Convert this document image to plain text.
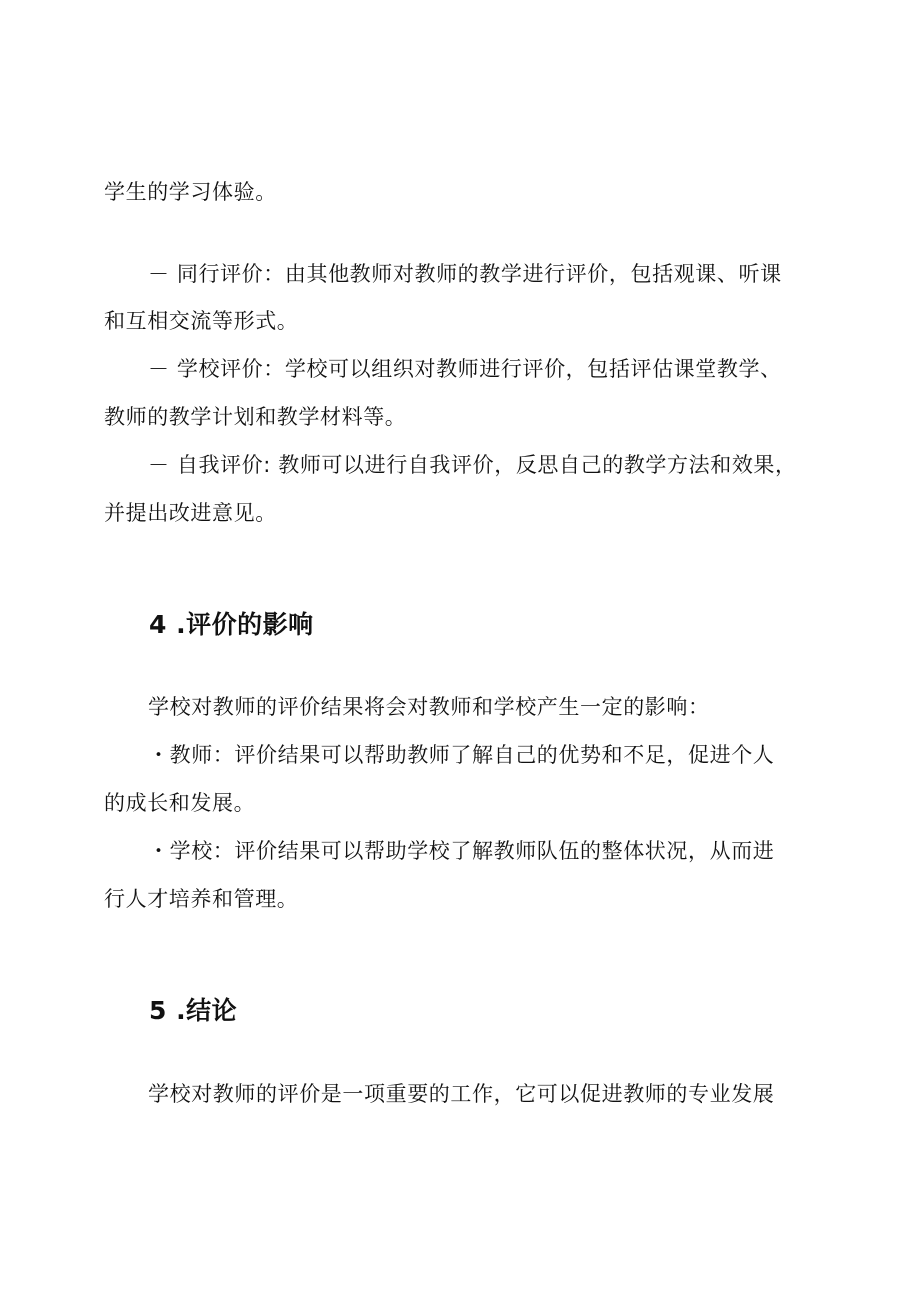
学生的学习体验。
－ 同行评价：由其他教师对教师的教学进行评价，包括观课、听课
和互相交流等形式。
－ 学校评价：学校可以组织对教师进行评价，包括评估课堂教学、
教师的教学计划和教学材料等。
－ 自我评价: 教师可以进行自我评价，反思自己的教学方法和效果，
并提出改进意见。
4 .评价的影响
学校对教师的评价结果将会对教师和学校产生一定的影响：
・教师：评价结果可以帮助教师了解自己的优势和不足，促进个人
的成长和发展。
・学校：评价结果可以帮助学校了解教师队伍的整体状况，从而进
行人才培养和管理。
5 .结论
学校对教师的评价是一项重要的工作，它可以促进教师的专业发展
